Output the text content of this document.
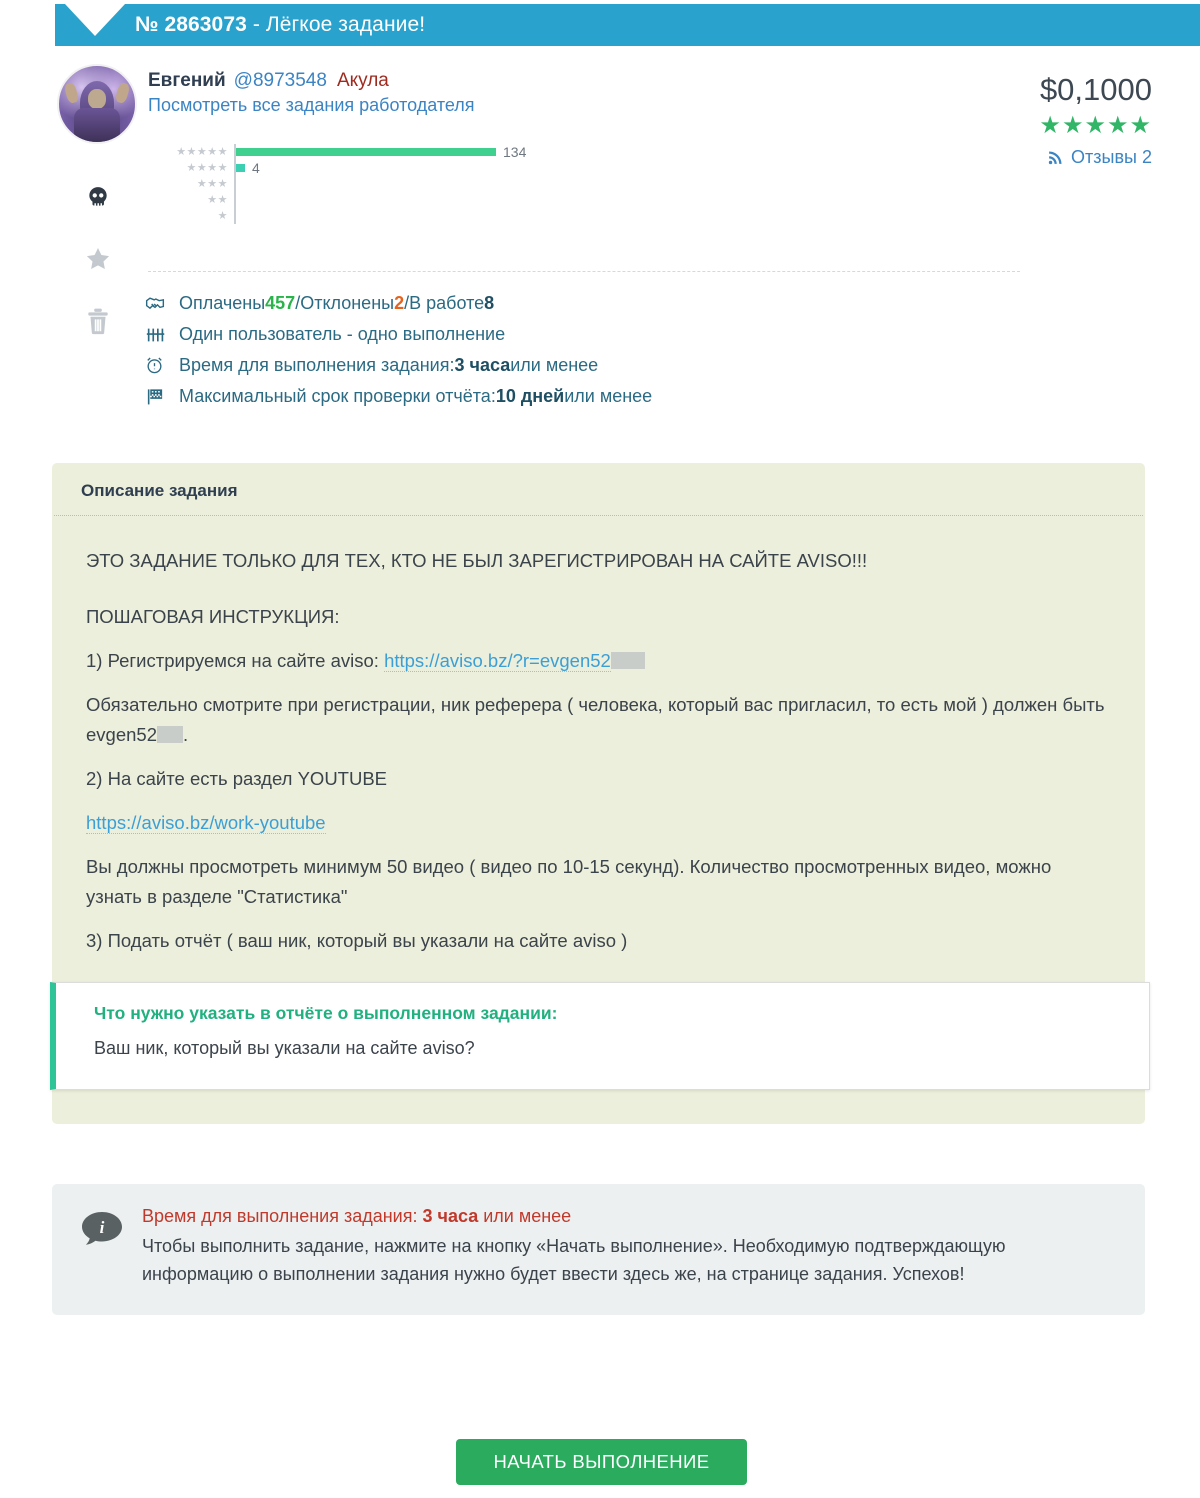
№ 2863073 - Лёгкое задание!
Евгений @8973548 Акула
Посмотреть все задания работодателя
★★★★★	134
★★★★ 4
★★★
★★
★
$0,1000
★★★★★
Отзывы 2
Оплачены 457 / Отклонены 2 / В работе 8
Один пользователь - одно выполнение
Время для выполнения задания: 3 часа или менее
Максимальный срок проверки отчёта: 10 дней или менее
Описание задания

ЭТО ЗАДАНИЕ ТОЛЬКО ДЛЯ ТЕХ, КТО НЕ БЫЛ ЗАРЕГИСТРИРОВАН НА САЙТЕ AVISO!!!

ПОШАГОВАЯ ИНСТРУКЦИЯ:

1) Регистрируемся на сайте aviso: https://aviso.bz/?r=evgen52

Обязательно смотрите при регистрации, ник реферера ( человека, который вас пригласил, то есть мой ) должен быть evgen52 .

2) На сайте есть раздел YOUTUBE

https://aviso.bz/work-youtube

Вы должны просмотреть минимум 50 видео ( видео по 10-15 секунд). Количество просмотренных видео, можно узнать в разделе "Статистика"

3) Подать отчёт ( ваш ник, который вы указали на сайте aviso )

Что нужно указать в отчёте о выполненном задании:
Ваш ник, который вы указали на сайте aviso?
i
Время для выполнения задания: 3 часа или менее
Чтобы выполнить задание, нажмите на кнопку «Начать выполнение». Необходимую подтверждающую информацию о выполнении задания нужно будет ввести здесь же, на странице задания. Успехов!
НАЧАТЬ ВЫПОЛНЕНИЕ
